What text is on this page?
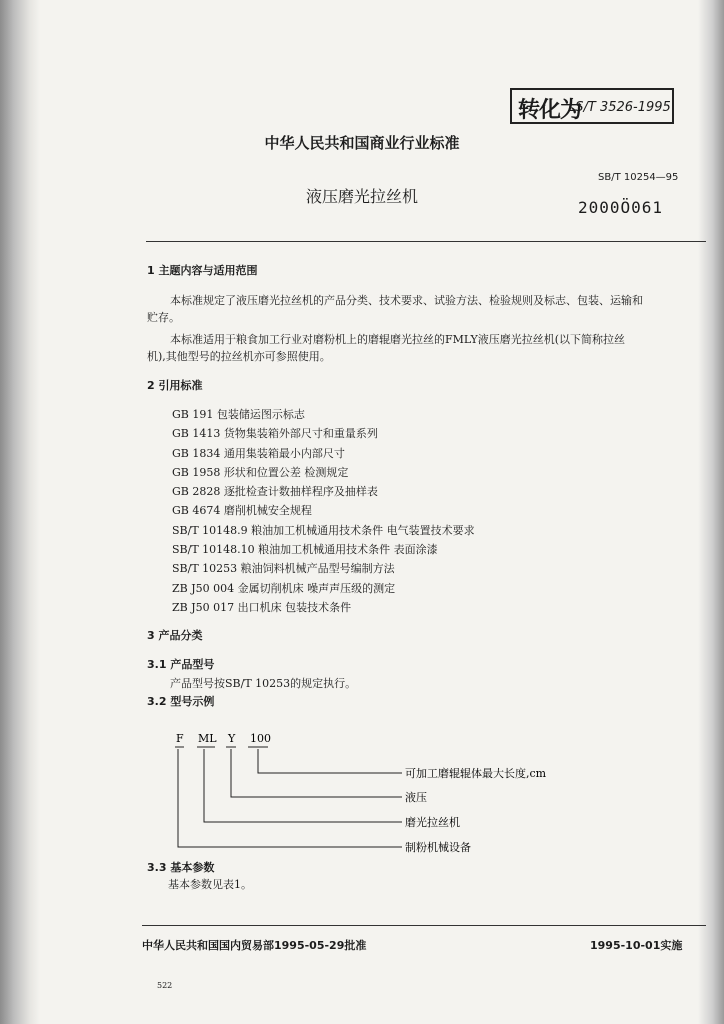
转化为
LS/T 3526-1995
中华人民共和国商业行业标准
SB/T 10254—95
液压磨光拉丝机
2000Ö061
1 主题内容与适用范围
本标准规定了液压磨光拉丝机的产品分类、技术要求、试验方法、检验规则及标志、包装、运输和
贮存。
本标准适用于粮食加工行业对磨粉机上的磨辊磨光拉丝的FMLY液压磨光拉丝机(以下简称拉丝
机),其他型号的拉丝机亦可参照使用。
2 引用标准
GB 191 包装储运图示标志
GB 1413 货物集装箱外部尺寸和重量系列
GB 1834 通用集装箱最小内部尺寸
GB 1958 形状和位置公差 检测规定
GB 2828 逐批检查计数抽样程序及抽样表
GB 4674 磨削机械安全规程
SB/T 10148.9 粮油加工机械通用技术条件 电气装置技术要求
SB/T 10148.10 粮油加工机械通用技术条件 表面涂漆
SB/T 10253 粮油饲料机械产品型号编制方法
ZB J50 004 金属切削机床 噪声声压级的测定
ZB J50 017 出口机床 包装技术条件
3 产品分类
3.1 产品型号
产品型号按SB/T 10253的规定执行。
3.2 型号示例
F ML Y 100
可加工磨辊辊体最大长度,cm
液压
磨光拉丝机
制粉机械设备
3.3 基本参数
基本参数见表1。
中华人民共和国国内贸易部1995-05-29批准	1995-10-01实施
522
